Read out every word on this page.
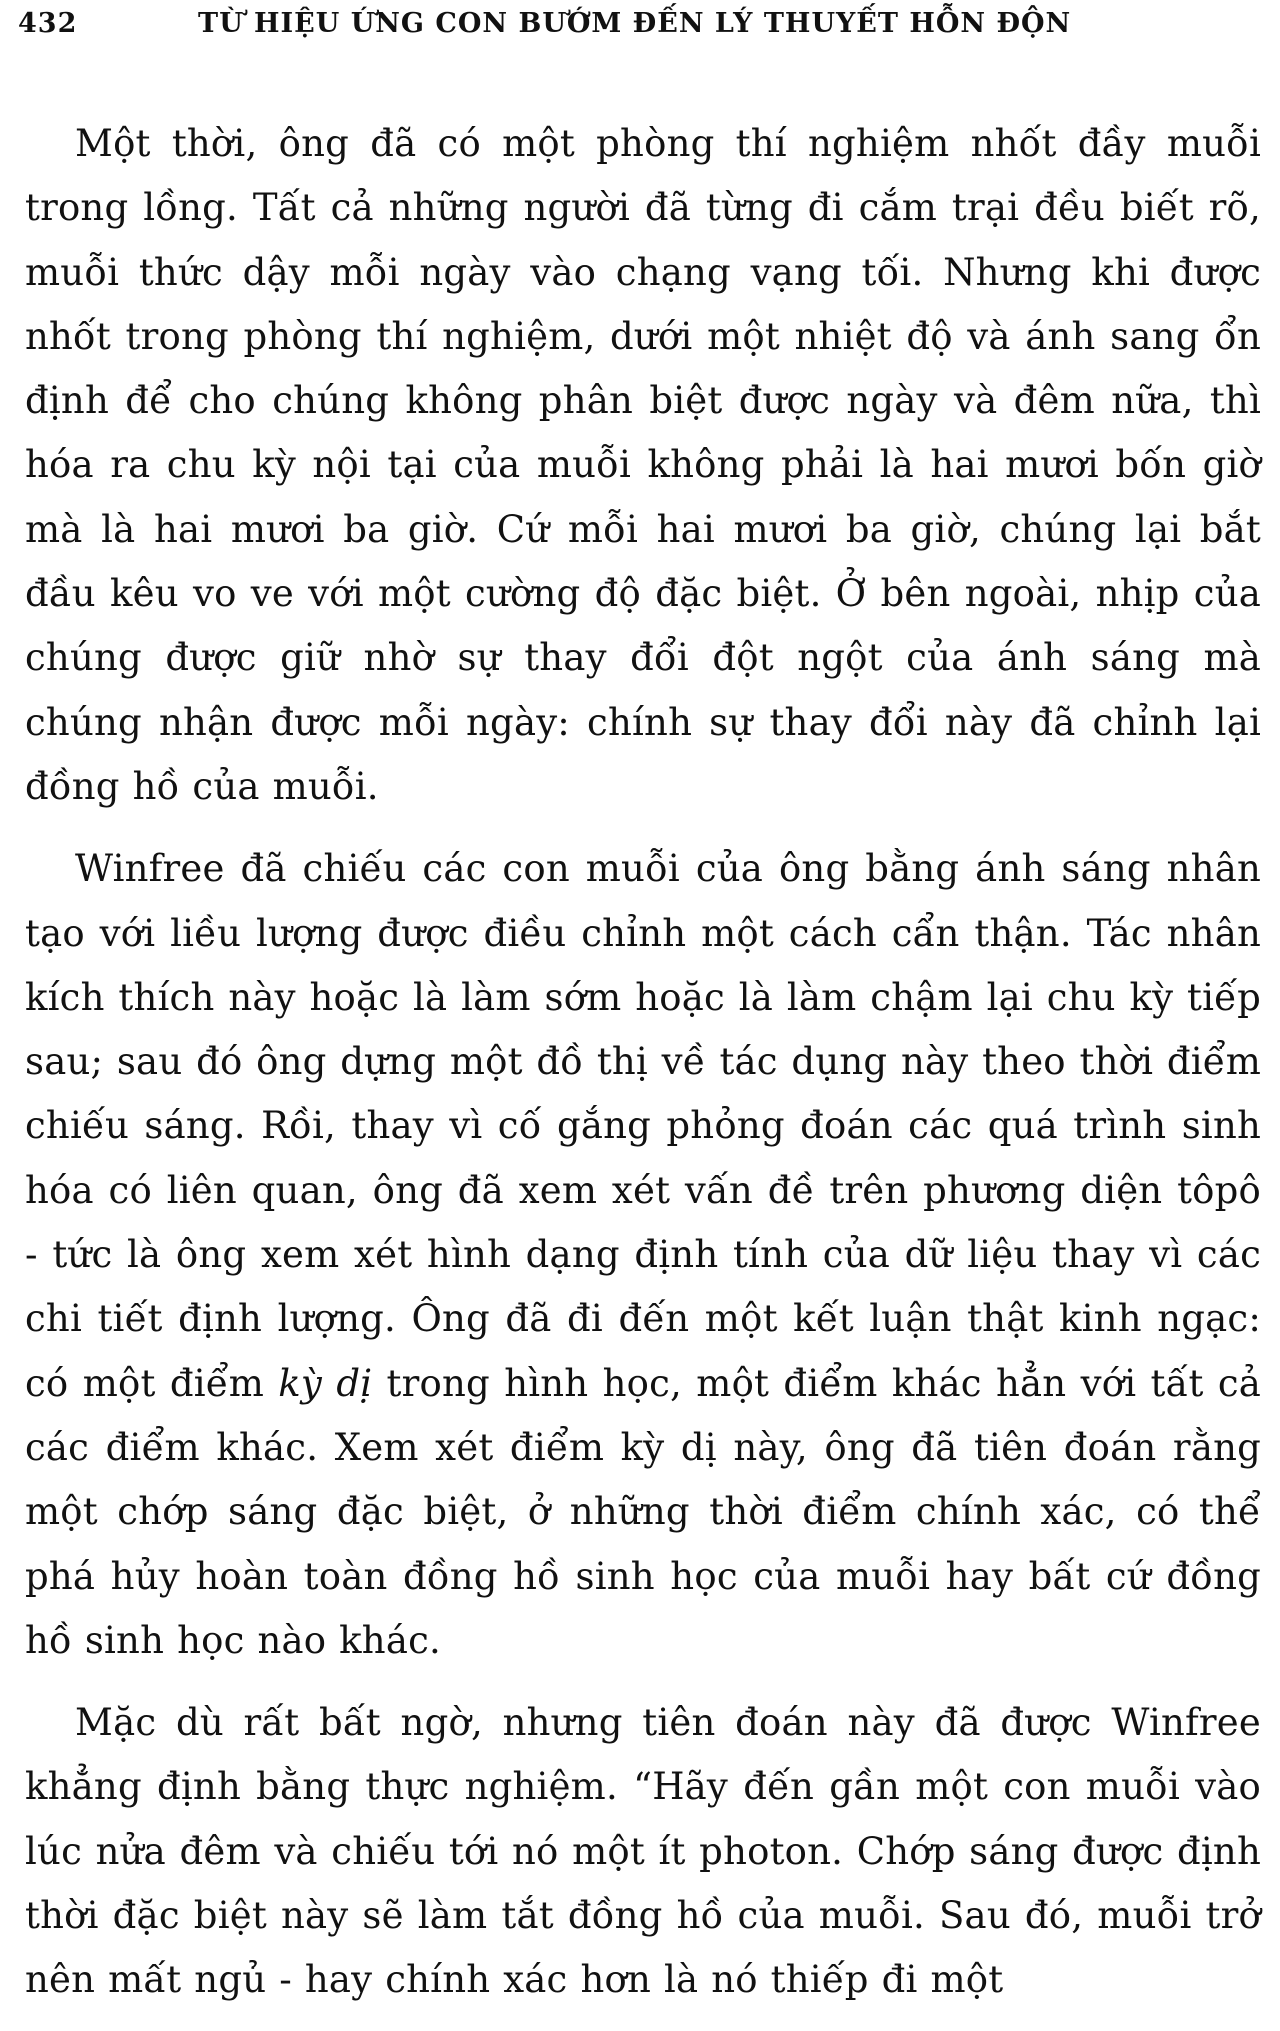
432	TỪ HIỆU ỨNG CON BƯỚM ĐẾN LÝ THUYẾT HỖN ĐỘN

Một thời, ông đã có một phòng thí nghiệm nhốt đầy muỗi trong lồng. Tất cả những người đã từng đi cắm trại đều biết rõ, muỗi thức dậy mỗi ngày vào chạng vạng tối. Nhưng khi được nhốt trong phòng thí nghiệm, dưới một nhiệt độ và ánh sang ổn định để cho chúng không phân biệt được ngày và đêm nữa, thì hóa ra chu kỳ nội tại của muỗi không phải là hai mươi bốn giờ mà là hai mươi ba giờ. Cứ mỗi hai mươi ba giờ, chúng lại bắt đầu kêu vo ve với một cường độ đặc biệt. Ở bên ngoài, nhịp của chúng được giữ nhờ sự thay đổi đột ngột của ánh sáng mà chúng nhận được mỗi ngày: chính sự thay đổi này đã chỉnh lại đồng hồ của muỗi.

Winfree đã chiếu các con muỗi của ông bằng ánh sáng nhân tạo với liều lượng được điều chỉnh một cách cẩn thận. Tác nhân kích thích này hoặc là làm sớm hoặc là làm chậm lại chu kỳ tiếp sau; sau đó ông dựng một đồ thị về tác dụng này theo thời điểm chiếu sáng. Rồi, thay vì cố gắng phỏng đoán các quá trình sinh hóa có liên quan, ông đã xem xét vấn đề trên phương diện tôpô - tức là ông xem xét hình dạng định tính của dữ liệu thay vì các chi tiết định lượng. Ông đã đi đến một kết luận thật kinh ngạc: có một điểm kỳ dị trong hình học, một điểm khác hẳn với tất cả các điểm khác. Xem xét điểm kỳ dị này, ông đã tiên đoán rằng một chớp sáng đặc biệt, ở những thời điểm chính xác, có thể phá hủy hoàn toàn đồng hồ sinh học của muỗi hay bất cứ đồng hồ sinh học nào khác.

Mặc dù rất bất ngờ, nhưng tiên đoán này đã được Winfree khẳng định bằng thực nghiệm. “Hãy đến gần một con muỗi vào lúc nửa đêm và chiếu tới nó một ít photon. Chớp sáng được định thời đặc biệt này sẽ làm tắt đồng hồ của muỗi. Sau đó, muỗi trở nên mất ngủ - hay chính xác hơn là nó thiếp đi một
